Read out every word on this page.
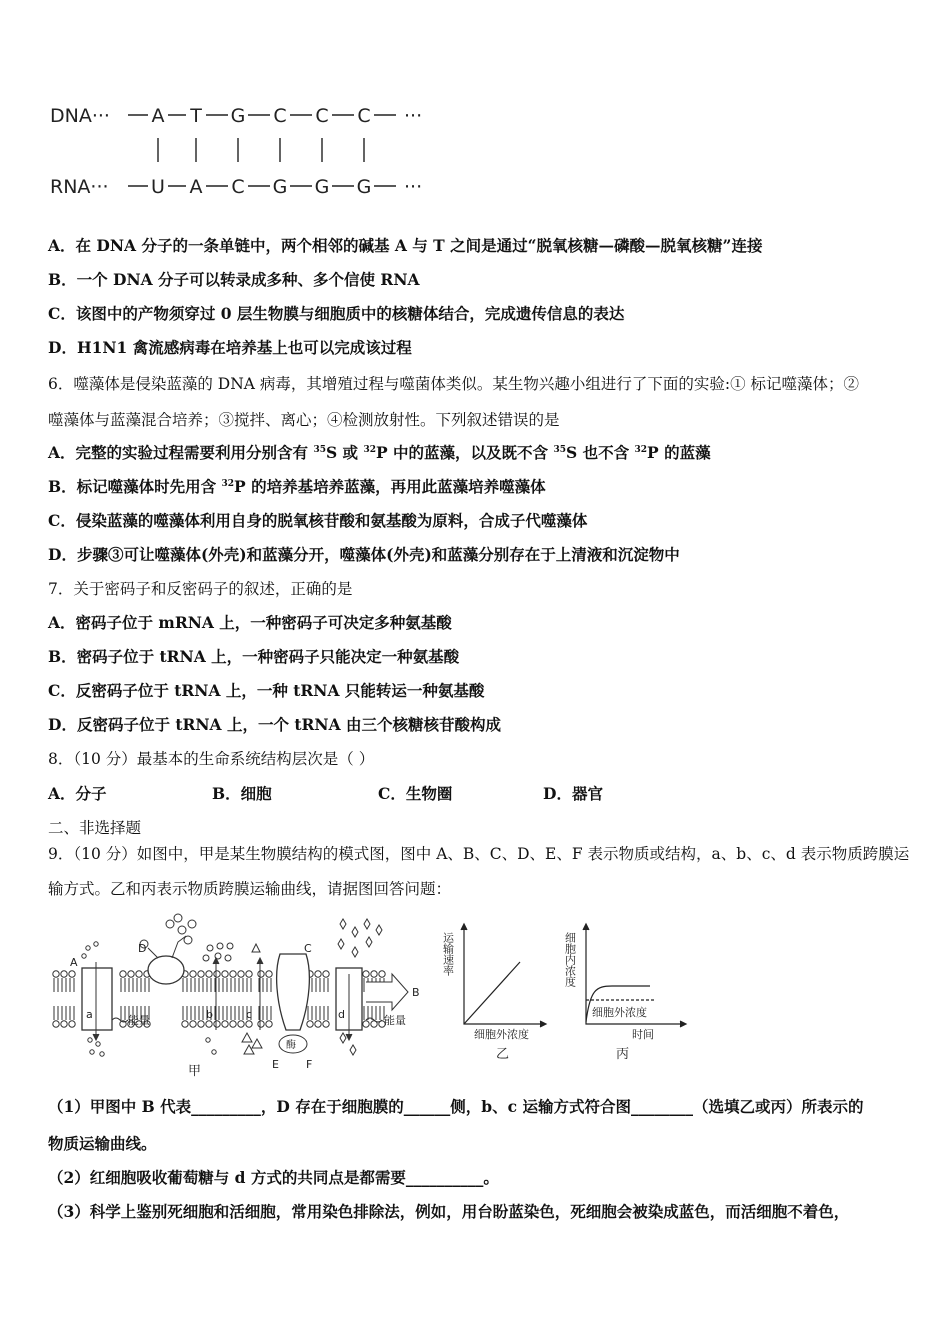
DNA···
RNA···
A T G C C C
U A C G G G
···
···
A．在 DNA 分子的一条单链中，两个相邻的碱基 A 与 T 之间是通过“脱氧核糖—磷酸—脱氧核糖”连接
B．一个 DNA 分子可以转录成多种、多个信使 RNA
C．该图中的产物须穿过 0 层生物膜与细胞质中的核糖体结合，完成遗传信息的表达
D．H1N1 禽流感病毒在培养基上也可以完成该过程
6．噬藻体是侵染蓝藻的 DNA 病毒，其增殖过程与噬菌体类似。某生物兴趣小组进行了下面的实验:① 标记噬藻体；②
噬藻体与蓝藻混合培养；③搅拌、离心；④检测放射性。下列叙述错误的是
A．完整的实验过程需要利用分别含有 $^{35}$S 或 $^{32}$P 中的蓝藻，以及既不含 $^{35}$S 也不含 $^{32}$P 的蓝藻
B．标记噬藻体时先用含 $^{32}$P 的培养基培养蓝藻，再用此蓝藻培养噬藻体
C．侵染蓝藻的噬藻体利用自身的脱氧核苷酸和氨基酸为原料，合成子代噬藻体
D．步骤③可让噬藻体(外壳)和蓝藻分开，噬藻体(外壳)和蓝藻分别存在于上清液和沉淀物中
7．关于密码子和反密码子的叙述，正确的是
A．密码子位于 mRNA 上，一种密码子可决定多种氨基酸
B．密码子位于 tRNA 上，一种密码子只能决定一种氨基酸
C．反密码子位于 tRNA 上，一种 tRNA 只能转运一种氨基酸
D．反密码子位于 tRNA 上，一个 tRNA 由三个核糖核苷酸构成
8．（10 分）最基本的生命系统结构层次是（ ）
A．分子	B．细胞	C．生物圈	D．器官
二、非选择题
9．（10 分）如图中，甲是某生物膜结构的模式图，图中 A、B、C、D、E、F 表示物质或结构，a、b、c、d 表示物质跨膜运
输方式。乙和丙表示物质跨膜运输曲线，请据图回答问题：
A
B
C
D
E F
a	b	c	d
能量	能量
酶
甲
运输速率
细胞外浓度
乙
细胞内浓度
细胞外浓度
时间
丙
（1）甲图中 B 代表_________，D 存在于细胞膜的______侧，b、c 运输方式符合图________（选填乙或丙）所表示的
物质运输曲线。
（2）红细胞吸收葡萄糖与 d 方式的共同点是都需要__________。
（3）科学上鉴别死细胞和活细胞，常用染色排除法，例如，用台盼蓝染色，死细胞会被染成蓝色，而活细胞不着色，
